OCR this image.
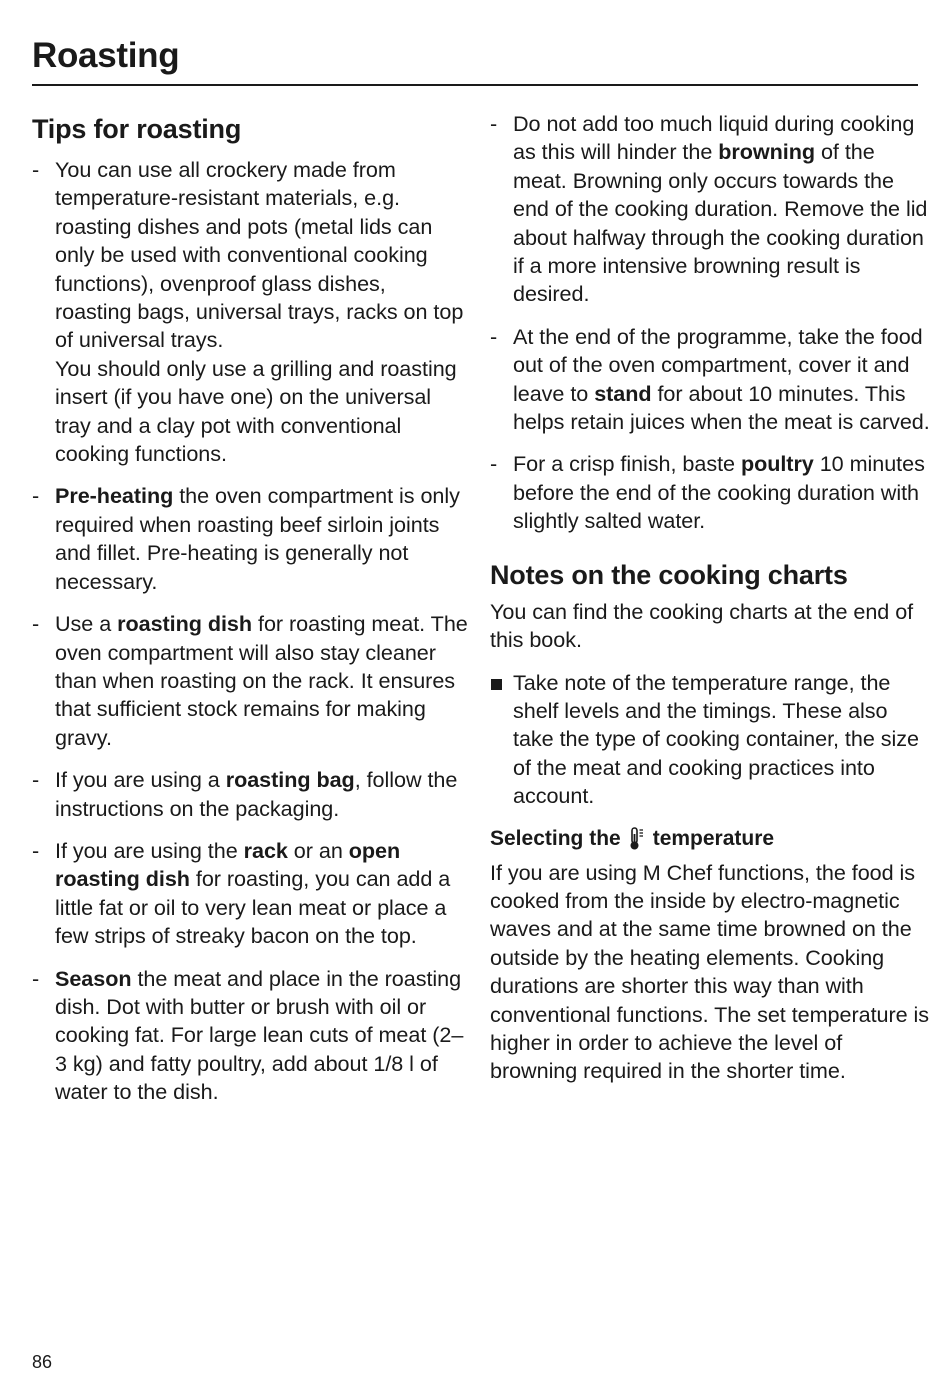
Roasting
Tips for roasting
- You can use all crockery made from temperature-resistant materials, e.g. roasting dishes and pots (metal lids can only be used with conventional cooking functions), ovenproof glass dishes, roasting bags, universal trays, racks on top of universal trays.
You should only use a grilling and roasting insert (if you have one) on the universal tray and a clay pot with conventional cooking functions.

- Pre-heating the oven compartment is only required when roasting beef sirloin joints and fillet. Pre-heating is generally not necessary.

- Use a roasting dish for roasting meat. The oven compartment will also stay cleaner than when roasting on the rack. It ensures that sufficient stock remains for making gravy.

- If you are using a roasting bag, follow the instructions on the packaging.

- If you are using the rack or an open roasting dish for roasting, you can add a little fat or oil to very lean meat or place a few strips of streaky bacon on the top.

- Season the meat and place in the roasting dish. Dot with butter or brush with oil or cooking fat. For large lean cuts of meat (2–3 kg) and fatty poultry, add about 1/8 l of water to the dish.

- Do not add too much liquid during cooking as this will hinder the browning of the meat. Browning only occurs towards the end of the cooking duration. Remove the lid about halfway through the cooking duration if a more intensive browning result is desired.

- At the end of the programme, take the food out of the oven compartment, cover it and leave to stand for about 10 minutes. This helps retain juices when the meat is carved.

- For a crisp finish, baste poultry 10 minutes before the end of the cooking duration with slightly salted water.

Notes on the cooking charts

You can find the cooking charts at the end of this book.

Take note of the temperature range, the shelf levels and the timings. These also take the type of cooking container, the size of the meat and cooking practices into account.

Selecting the temperature

If you are using M Chef functions, the food is cooked from the inside by electro-magnetic waves and at the same time browned on the outside by the heating elements. Cooking durations are shorter this way than with conventional functions. The set temperature is higher in order to achieve the level of browning required in the shorter time.

86
